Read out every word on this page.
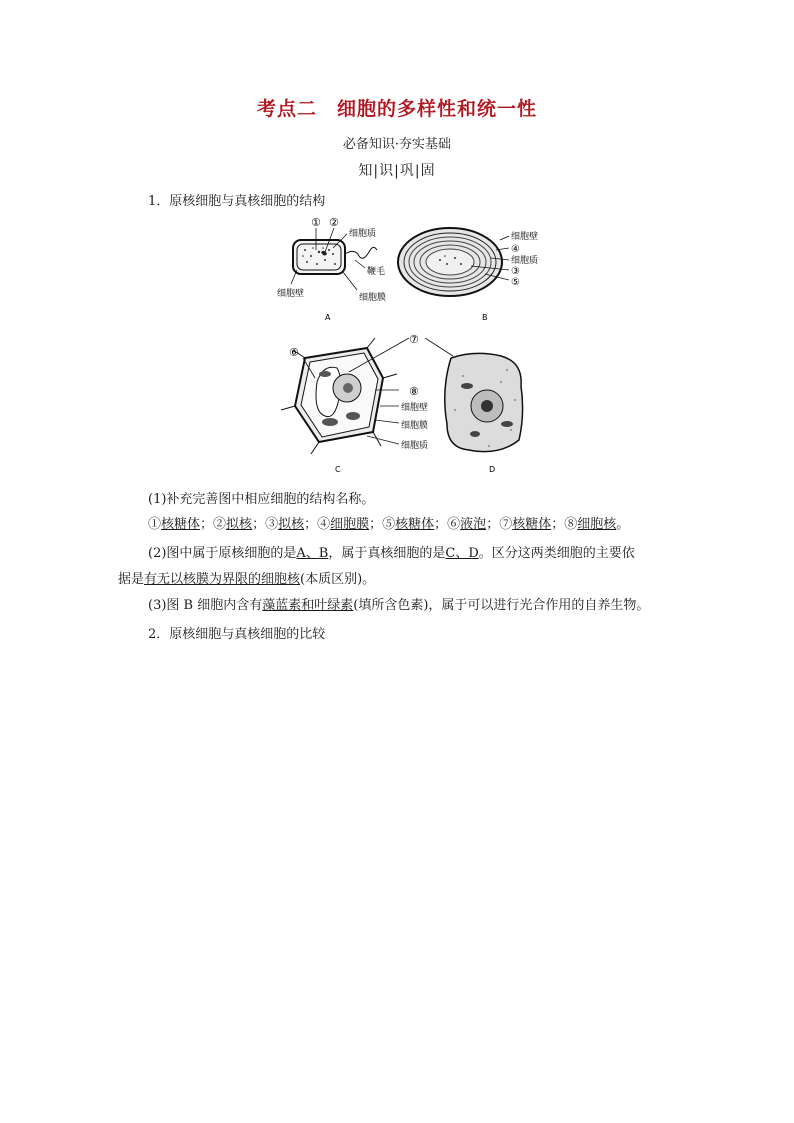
考点二　细胞的多样性和统一性
必备知识·夯实基础
知|识|巩|固
1．原核细胞与真核细胞的结构
① ②
细胞质
鞭毛
细胞壁	细胞膜
A
细胞壁
④
细胞质
③
⑤
B
⑥
⑦
⑧
细胞壁
细胞膜
细胞质
C	D
(1)补充完善图中相应细胞的结构名称。
①核糖体；②拟核；③拟核；④细胞膜；⑤核糖体；⑥液泡；⑦核糖体；⑧细胞核。
(2)图中属于原核细胞的是A、B，属于真核细胞的是C、D。区分这两类细胞的主要依
据是有无以核膜为界限的细胞核(本质区别)。
(3)图 B 细胞内含有藻蓝素和叶绿素(填所含色素)，属于可以进行光合作用的自养生物。
2．原核细胞与真核细胞的比较
